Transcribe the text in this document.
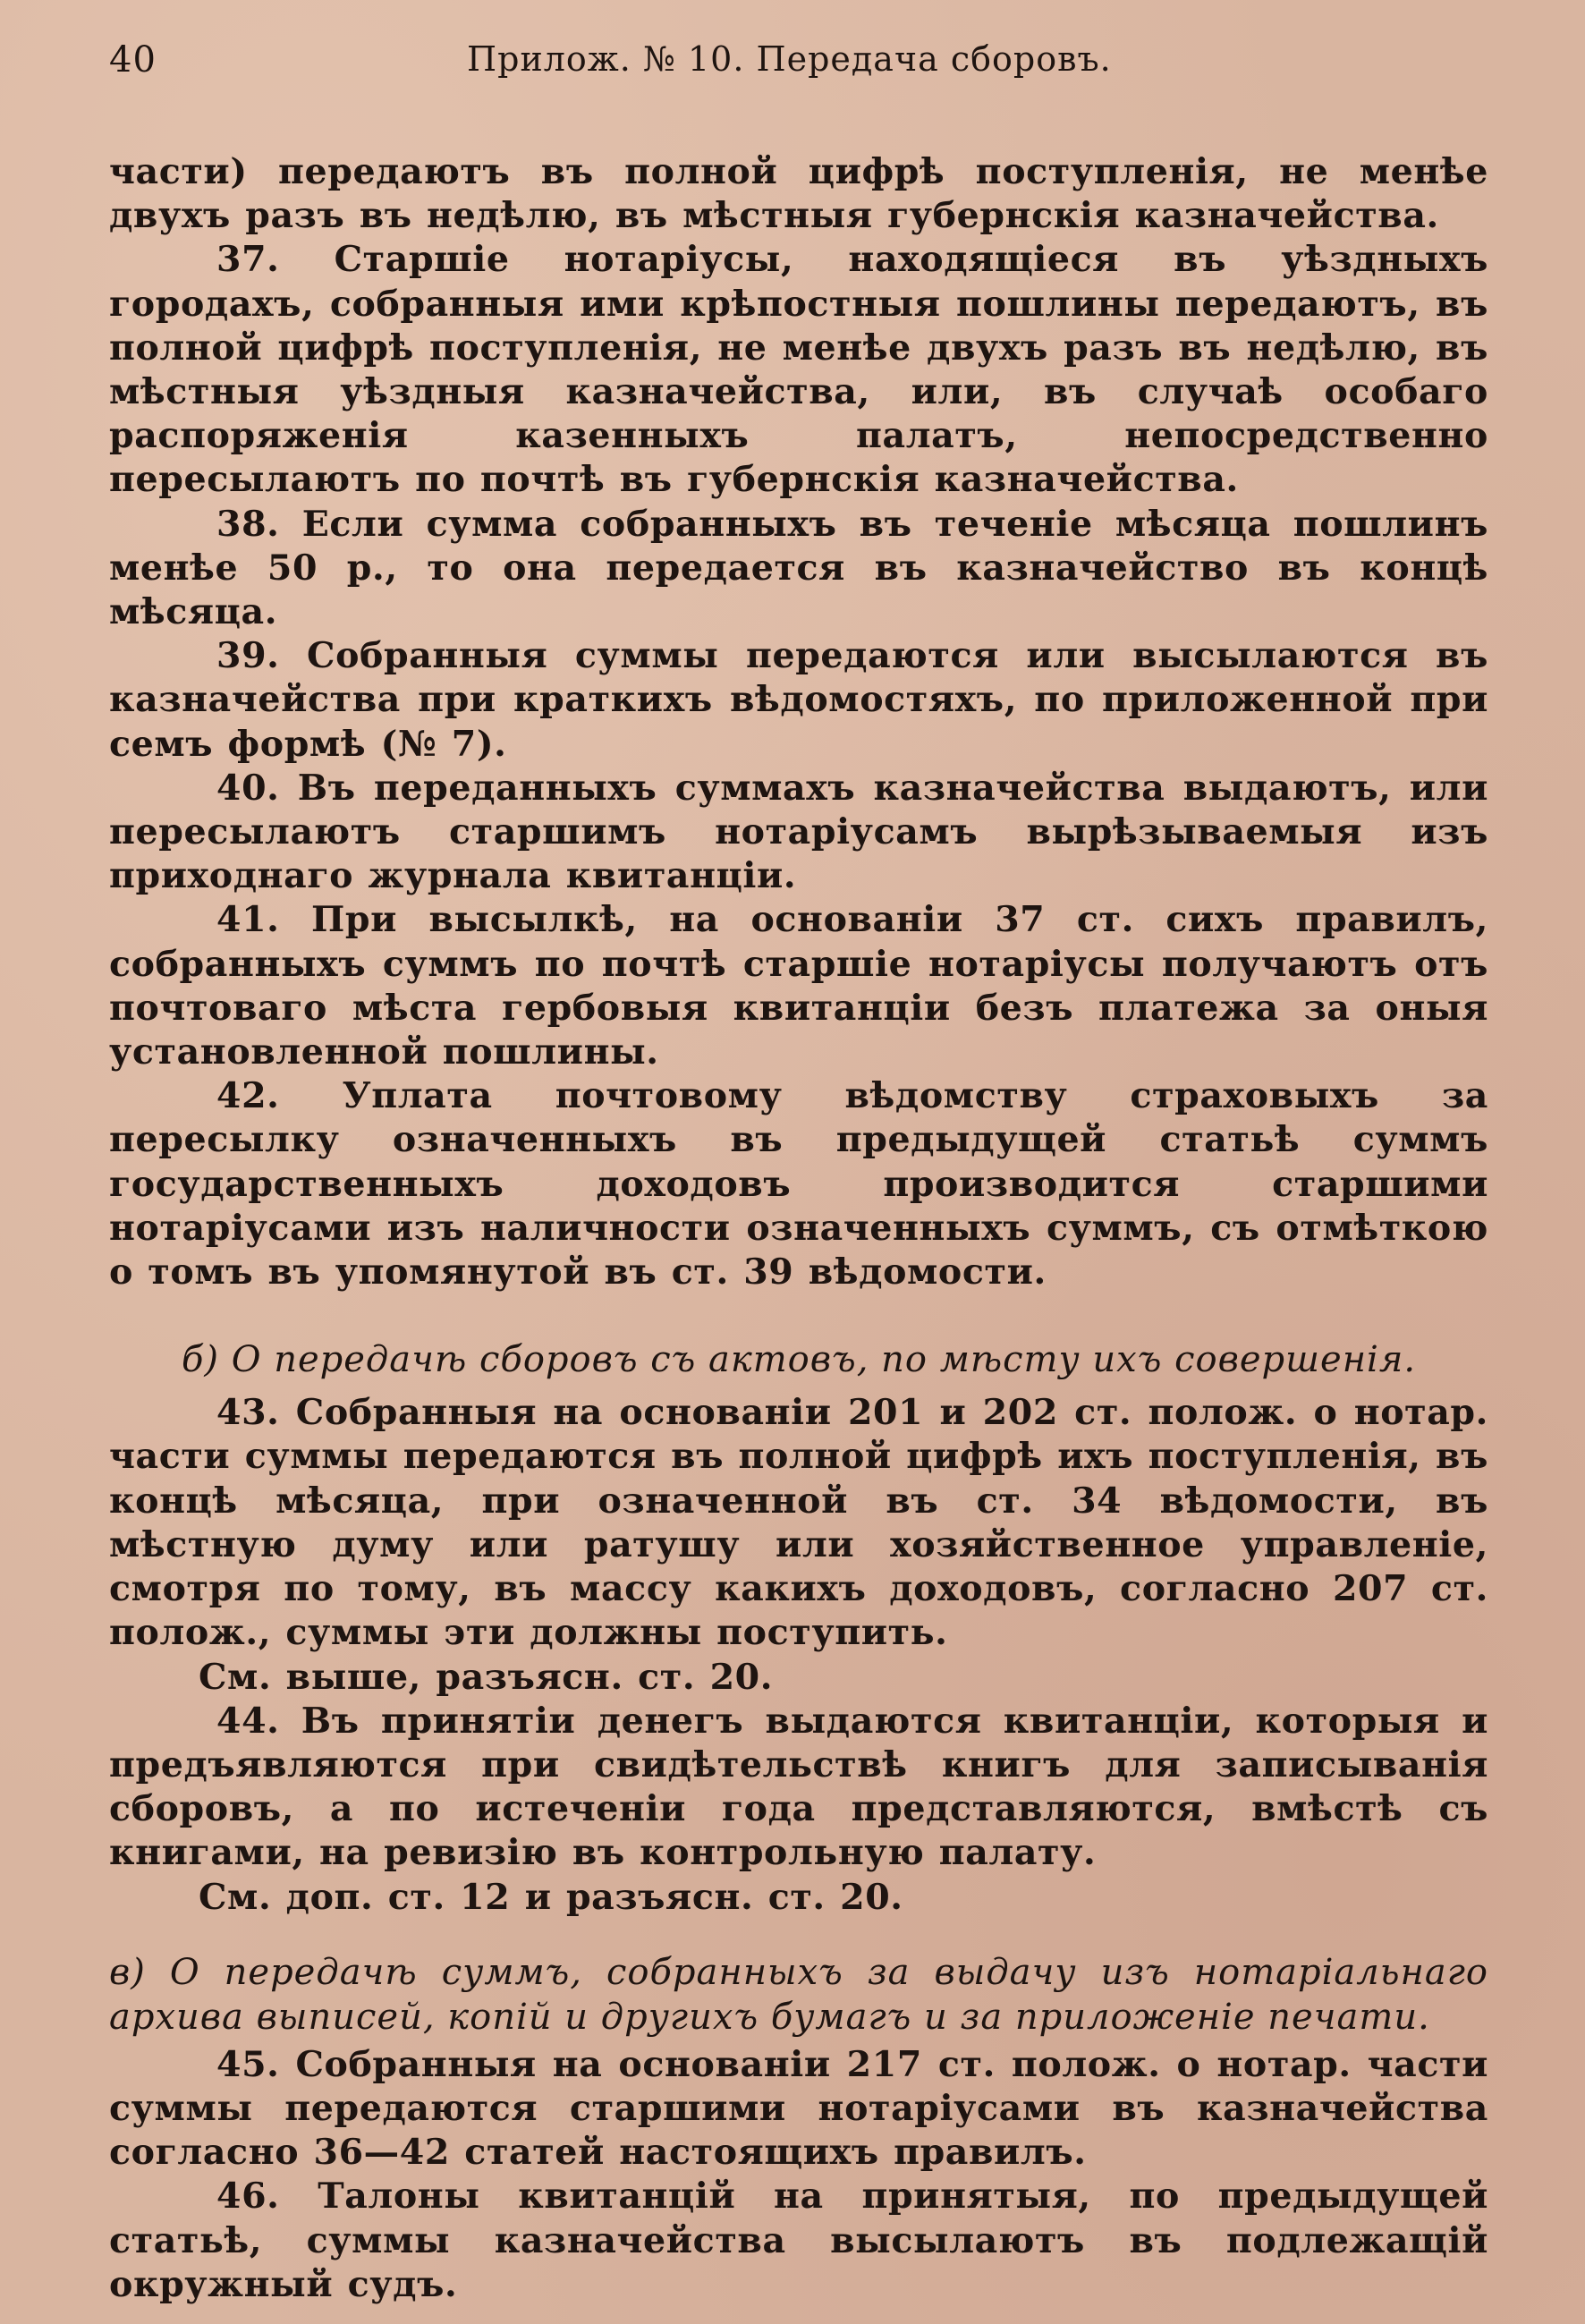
40	Прилож. № 10. Передача сборовъ.

части) передаютъ въ полной цифрѣ поступленія, не менѣе двухъ разъ въ недѣлю, въ мѣстныя губернскія казначейства.

37. Старшіе нотаріусы, находящіеся въ уѣздныхъ городахъ, собранныя ими крѣпостныя пошлины передаютъ, въ полной цифрѣ поступленія, не менѣе двухъ разъ въ недѣлю, въ мѣстныя уѣздныя казначейства, или, въ случаѣ особаго распоряженія казенныхъ палатъ, непосредственно пересылаютъ по почтѣ въ губернскія казначейства.

38. Если сумма собранныхъ въ теченіе мѣсяца пошлинъ менѣе 50 р., то она передается въ казначейство въ концѣ мѣсяца.

39. Собранныя суммы передаются или высылаются въ казначейства при краткихъ вѣдомостяхъ, по приложенной при семъ формѣ (№ 7).

40. Въ переданныхъ суммахъ казначейства выдаютъ, или пересылаютъ старшимъ нотаріусамъ вырѣзываемыя изъ приходнаго журнала квитанціи.

41. При высылкѣ, на основаніи 37 ст. сихъ правилъ, собранныхъ суммъ по почтѣ старшіе нотаріусы получаютъ отъ почтоваго мѣста гербовыя квитанціи безъ платежа за оныя установленной пошлины.

42. Уплата почтовому вѣдомству страховыхъ за пересылку означенныхъ въ предыдущей статьѣ суммъ государственныхъ доходовъ производится старшими нотаріусами изъ наличности означенныхъ суммъ, съ отмѣткою о томъ въ упомянутой въ ст. 39 вѣдомости.

б) О передачѣ сборовъ съ актовъ, по мѣсту ихъ совершенія.

43. Собранныя на основаніи 201 и 202 ст. полож. о нотар. части суммы передаются въ полной цифрѣ ихъ поступленія, въ концѣ мѣсяца, при означенной въ ст. 34 вѣдомости, въ мѣстную думу или ратушу или хозяйственное управленіе, смотря по тому, въ массу какихъ доходовъ, согласно 207 ст. полож., суммы эти должны поступить.

См. выше, разъясн. ст. 20.

44. Въ принятіи денегъ выдаются квитанціи, которыя и предъявляются при свидѣтельствѣ книгъ для записыванія сборовъ, а по истеченіи года представляются, вмѣстѣ съ книгами, на ревизію въ контрольную палату.

См. доп. ст. 12 и разъясн. ст. 20.

в) О передачѣ суммъ, собранныхъ за выдачу изъ нотаріальнаго архива выписей, копій и другихъ бумагъ и за приложеніе печати.

45. Собранныя на основаніи 217 ст. полож. о нотар. части суммы передаются старшими нотаріусами въ казначейства согласно 36—42 статей настоящихъ правилъ.

46. Талоны квитанцій на принятыя, по предыдущей статьѣ, суммы казначейства высылаютъ въ подлежащій окружный судъ.
